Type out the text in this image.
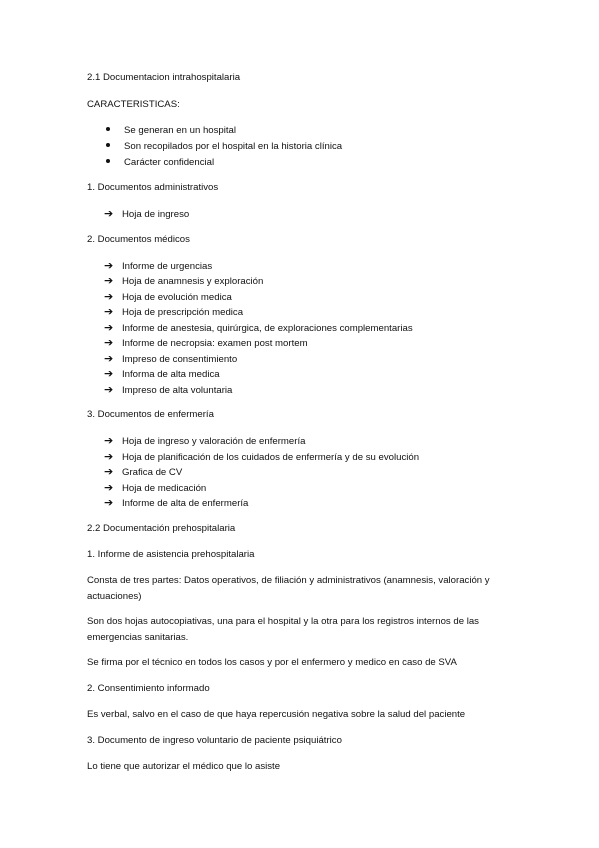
2.1 Documentacion intrahospitalaria
CARACTERISTICAS:
Se generan en un hospital
Son recopilados por el hospital en la historia clínica
Carácter confidencial
1. Documentos administrativos
➔ Hoja de ingreso
2. Documentos médicos
➔ Informe de urgencias
➔ Hoja de anamnesis y exploración
➔ Hoja de evolución medica
➔ Hoja de prescripción medica
➔ Informe de anestesia, quirúrgica, de exploraciones complementarias
➔ Informe de necropsia: examen post mortem
➔ Impreso de consentimiento
➔ Informa de alta medica
➔ Impreso de alta voluntaria
3. Documentos de enfermería
➔ Hoja de ingreso y valoración de enfermería
➔ Hoja de planificación de los cuidados de enfermería y de su evolución
➔ Grafica de CV
➔ Hoja de medicación
➔ Informe de alta de enfermería
2.2 Documentación prehospitalaria
1. Informe de asistencia prehospitalaria
Consta de tres partes: Datos operativos, de filiación y administrativos (anamnesis, valoración y actuaciones)
Son dos hojas autocopiativas, una para el hospital y la otra para los registros internos de las emergencias sanitarias.
Se firma por el técnico en todos los casos y por el enfermero y medico en caso de SVA
2. Consentimiento informado
Es verbal, salvo en el caso de que haya repercusión negativa sobre la salud del paciente
3. Documento de ingreso voluntario de paciente psiquiátrico
Lo tiene que autorizar el médico que lo asiste
